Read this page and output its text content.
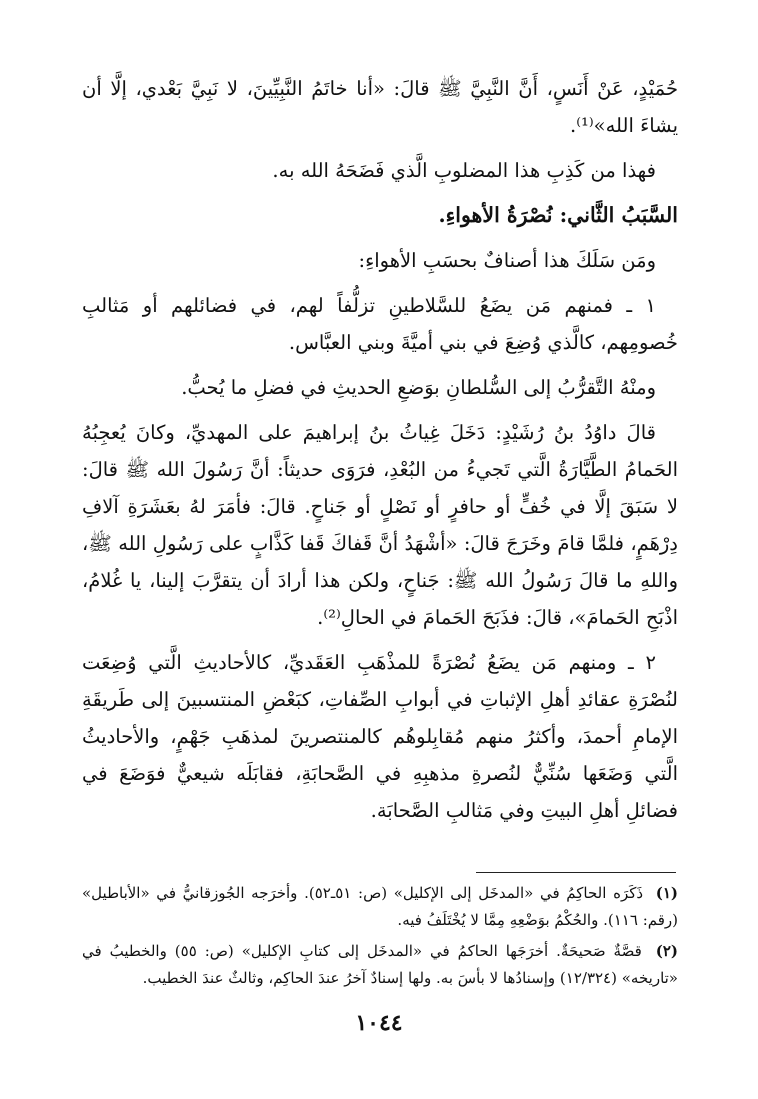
حُمَيْدٍ، عَنْ أَنَسٍ، أَنَّ النَّبِيَّ ﷺ قالَ: «أنا خاتَمُ النَّبِيِّينَ، لا نَبِيَّ بَعْدي، إلَّا أن يشاءَ الله»⁽¹⁾.

فهذا من كَذِبِ هذا المضلوبِ الَّذي فَضَحَهُ الله به.

السَّبَبُ الثَّاني: نُصْرَةُ الأهواءِ.

ومَن سَلَكَ هذا أصنافٌ بحسَبِ الأهواءِ:

١ ـ فمنهم مَن يضَعُ للسَّلاطينِ تزلُّفاً لهم، في فضائلهم أو مَثالبِ خُصومِهم، كالَّذي وُضِعَ في بني أميَّةَ وبني العبَّاس.

ومنْهُ التَّقرُّبُ إلى السُّلطانِ بوَضعِ الحديثِ في فضلِ ما يُحبُّ.

قالَ داوُدُ بنُ رُشَيْدٍ: دَخَلَ غِياثُ بنُ إبراهيمَ على المهديِّ، وكانَ يُعجِبُهُ الحَمامُ الطَّيَّارَةُ الَّتي تَجيءُ من البُعْدِ، فرَوَى حديثاً: أنَّ رَسُولَ الله ﷺ قالَ: لا سَبَقَ إلَّا في خُفٍّ أو حافرٍ أو نَصْلٍ أو جَناحٍ. قالَ: فأمَرَ لهُ بعَشَرَةِ آلافِ دِرْهَمٍ، فلمَّا قامَ وخَرَجَ قالَ: «أشْهَدُ أنَّ قَفاكَ قَفا كَذَّابٍ على رَسُولِ الله ﷺ، واللهِ ما قالَ رَسُولُ الله ﷺ: جَناحٍ، ولكن هذا أرادَ أن يتقرَّبَ إلينا، يا غُلامُ، اذْبَحِ الحَمامَ»، قالَ: فذَبَحَ الحَمامَ في الحالِ⁽²⁾.

٢ ـ ومنهم مَن يضَعُ نُصْرَةً للمذْهَبِ العَقَديِّ، كالأحاديثِ الَّتي وُضِعَت لنُصْرَةِ عقائدِ أهلِ الإثباتِ في أبوابِ الصِّفاتِ، كبَعْضِ المنتسبينَ إلى طَريقَةِ الإمامِ أحمدَ، وأكثرُ منهم مُقابِلوهُم كالمنتصرينَ لمذهَبِ جَهْمٍ، والأحاديثُ الَّتي وَضَعَها سُنِّيٌّ لنُصرةِ مذهبِهِ في الصَّحابَةِ، فقابَلَه شيعيٌّ فوَضَعَ في فضائلِ أهلِ البيتِ وفي مَثالبِ الصَّحابَة.

(١) ذَكَرَه الحاكِمُ في «المدخَل إلى الإكليل» (ص: ٥١ـ٥٢). وأخرَجه الجُوزقانيُّ في «الأباطيل» (رقم: ١١٦). والحُكْمُ بوَضْعِهِ مِمَّا لا يُخْتَلَفُ فيه.

(٢) قصَّةٌ صَحيحَةٌ. أخرَجَها الحاكمُ في «المدخَل إلى كتابِ الإكليل» (ص: ٥٥) والخطيبُ في «تاريخه» (١٢/٣٢٤) وإسنادُها لا بأسَ به. ولها إسنادٌ آخرُ عندَ الحاكِم، وثالثٌ عندَ الخطيب.

١٠٤٤
